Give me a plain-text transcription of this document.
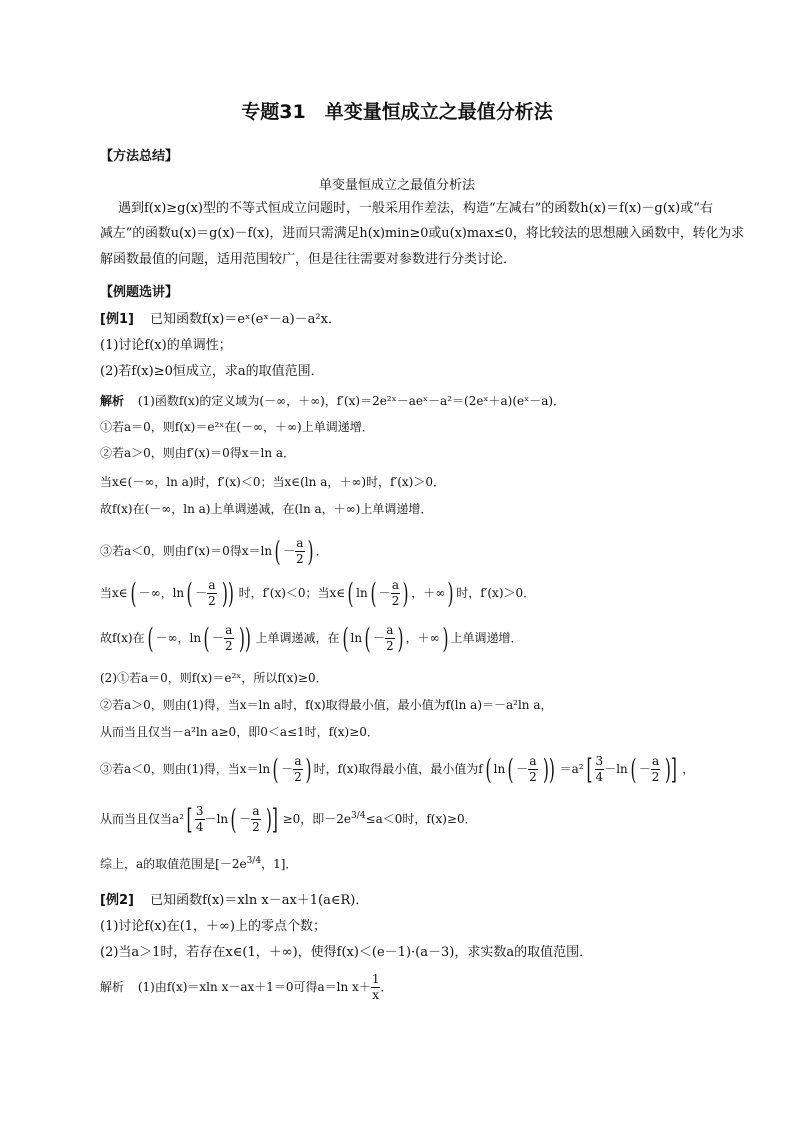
专题31　单变量恒成立之最值分析法
【方法总结】
单变量恒成立之最值分析法
遇到f(x)≥g(x)型的不等式恒成立问题时，一般采用作差法，构造“左减右”的函数h(x)＝f(x)－g(x)或“右
减左”的函数u(x)＝g(x)－f(x)，进而只需满足h(x)min≥0或u(x)max≤0，将比较法的思想融入函数中，转化为求
解函数最值的问题，适用范围较广，但是往往需要对参数进行分类讨论．
【例题选讲】
[例1] 已知函数f(x)＝eˣ(eˣ－a)－a²x．
(1)讨论f(x)的单调性；
(2)若f(x)≥0恒成立，求a的取值范围．
解析 (1)函数f(x)的定义域为(－∞，＋∞)，f′(x)＝2e²ˣ－aeˣ－a²＝(2eˣ＋a)(eˣ－a)．
①若a＝0，则f(x)＝e²ˣ在(－∞，＋∞)上单调递增．
②若a＞0，则由f′(x)＝0得x＝ln a．
当x∈(－∞，ln a)时，f′(x)＜0；当x∈(ln a，＋∞)时，f′(x)＞0．
故f(x)在(－∞，ln a)上单调递减，在(ln a，＋∞)上单调递增．
③若a＜0，则由f′(x)＝0得$x=\ln( - \frac{a}{2}$ ) ．
当x∈( －∞，$\ln( - \frac{a}{2}$ )) 时，f′(x)＜0；当x∈( $\ln( - \frac{a}{2}$ ) ，＋∞) 时，f′(x)＞0．
故f(x)在( －∞，$\ln( - \frac{a}{2}$ )) 上单调递减，在( $\ln( - \frac{a}{2}$ ) ，＋∞) 上单调递增．
(2)①若a＝0，则f(x)＝e²ˣ，所以f(x)≥0．
②若a＞0，则由(1)得，当x＝ln a时，f(x)取得最小值，最小值为f(ln a)＝－a²ln a，
从而当且仅当－a²ln a≥0，即0＜a≤1时，f(x)≥0．
③若a＜0，则由(1)得，当$x=\ln( - \frac{a}{2}$ ) 时，f(x)取得最小值，最小值为f( $\ln( - \frac{a}{2}$ )) $=a^2[ \frac{3}{4} -\ln( - \frac{a}{2}$ )] ，
从而当且仅当$a^2[ \frac{3}{4} -\ln( - \frac{a}{2}$ )] ≥0，即$-2e^{3/4}\le a<0$时，f(x)≥0．
综上，a的取值范围是[$-2e^{3/4}$，1]．
[例2] 已知函数f(x)＝xln x－ax＋1(a∈R)．
(1)讨论f(x)在(1，＋∞)上的零点个数；
(2)当a＞1时，若存在x∈(1，＋∞)，使得f(x)＜(e－1)·(a－3)，求实数a的取值范围．
解析 (1)由f(x)＝xln x－ax＋1＝0可得a＝ln $x+ \frac{1}{x}$ ．
